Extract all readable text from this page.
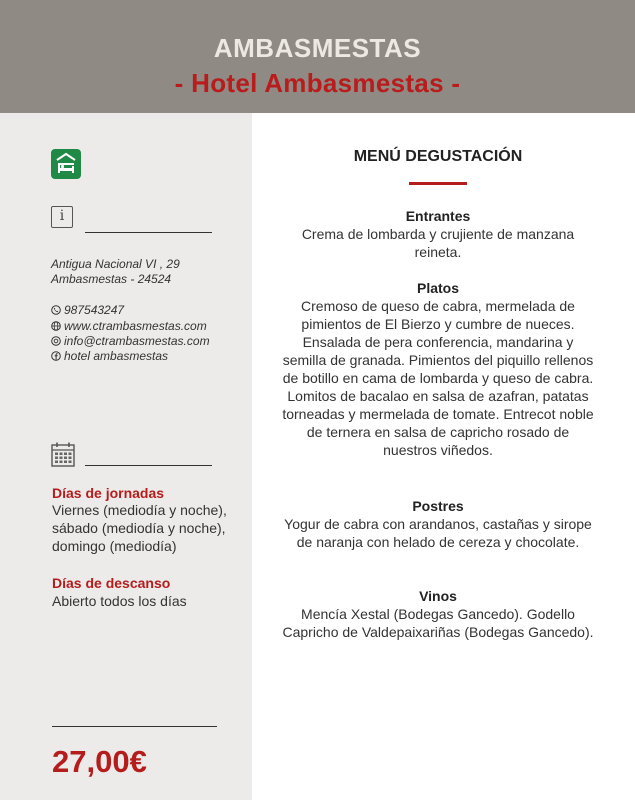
AMBASMESTAS
- Hotel Ambasmestas -
i
Antigua Nacional VI , 29
Ambasmestas - 24524
987543247
www.ctrambasmestas.com
info@ctrambasmestas.com
hotel ambasmestas
Días de jornadas
Viernes (mediodía y noche), sábado (mediodía y noche), domingo (mediodía)
Días de descanso
Abierto todos los días
27,00€
MENÚ DEGUSTACIÓN
Entrantes
Crema de lombarda y crujiente de manzana reineta.
Platos
Cremoso de queso de cabra, mermelada de pimientos de El Bierzo y cumbre de nueces. Ensalada de pera conferencia, mandarina y semilla de granada. Pimientos del piquillo rellenos de botillo en cama de lombarda y queso de cabra. Lomitos de bacalao en salsa de azafran, patatas torneadas y mermelada de tomate. Entrecot noble de ternera en salsa de capricho rosado de nuestros viñedos.
Postres
Yogur de cabra con arandanos, castañas y sirope de naranja con helado de cereza y chocolate.
Vinos
Mencía Xestal (Bodegas Gancedo). Godello Capricho de Valdepaixariñas (Bodegas Gancedo).
